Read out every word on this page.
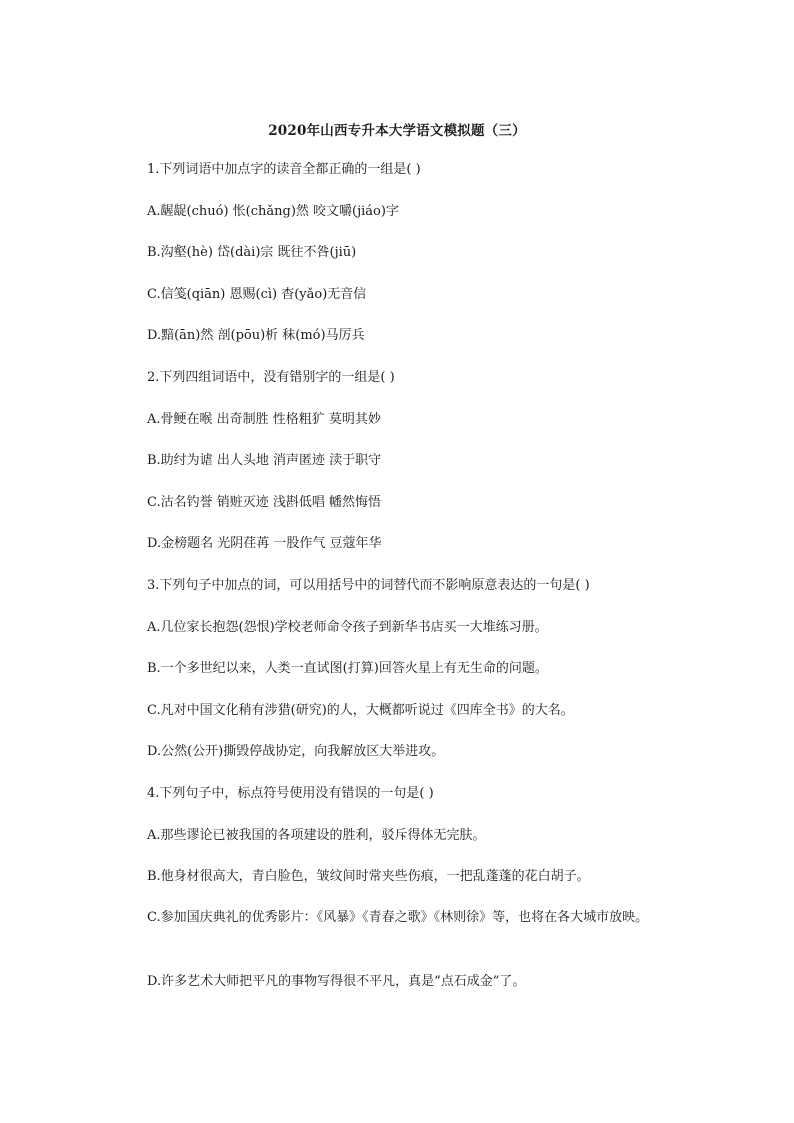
2020年山西专升本大学语文模拟题（三）
1.下列词语中加点字的读音全都正确的一组是( )
A.龌龊(chuó) 怅(chǎng)然 咬文嚼(jiáo)字
B.沟壑(hè) 岱(dài)宗 既往不咎(jiū)
C.信笺(qiān) 恩赐(cì) 杳(yǎo)无音信
D.黯(ān)然 剖(pōu)析 秣(mó)马厉兵
2.下列四组词语中，没有错别字的一组是( )
A.骨鲠在喉 出奇制胜 性格粗犷 莫明其妙
B.助纣为谑 出人头地 消声匿迹 渎于职守
C.沽名钓誉 销赃灭迹 浅斟低唱 幡然悔悟
D.金榜题名 光阴荏苒 一股作气 豆蔻年华
3.下列句子中加点的词，可以用括号中的词替代而不影响原意表达的一句是( )
A.几位家长抱怨(怨恨)学校老师命令孩子到新华书店买一大堆练习册。
B.一个多世纪以来，人类一直试图(打算)回答火星上有无生命的问题。
C.凡对中国文化稍有涉猎(研究)的人，大概都听说过《四库全书》的大名。
D.公然(公开)撕毁停战协定，向我解放区大举进攻。
4.下列句子中，标点符号使用没有错误的一句是( )
A.那些谬论已被我国的各项建设的胜利，驳斥得体无完肤。
B.他身材很高大，青白脸色，皱纹间时常夹些伤痕，一把乱蓬蓬的花白胡子。
C.参加国庆典礼的优秀影片：《风暴》《青春之歌》《林则徐》等，也将在各大城市放映。
D.许多艺术大师把平凡的事物写得很不平凡，真是“点石成金”了。
